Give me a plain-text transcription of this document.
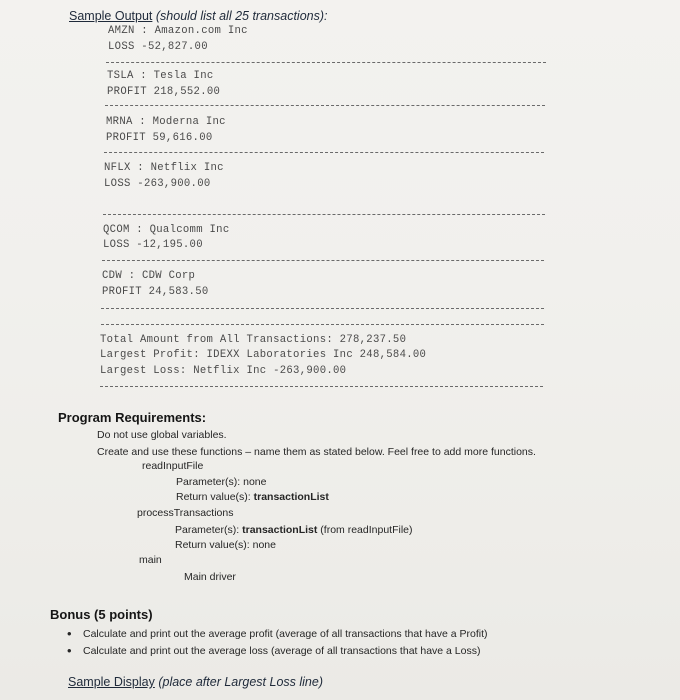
Sample Output (should list all 25 transactions):
AMZN : Amazon.com Inc
LOSS -52,827.00
TSLA : Tesla Inc
PROFIT 218,552.00
MRNA : Moderna Inc
PROFIT 59,616.00
NFLX : Netflix Inc
LOSS -263,900.00
QCOM : Qualcomm Inc
LOSS -12,195.00
CDW : CDW Corp
PROFIT 24,583.50
Total Amount from All Transactions: 278,237.50
Largest Profit: IDEXX Laboratories Inc 248,584.00
Largest Loss: Netflix Inc -263,900.00
Program Requirements:
Do not use global variables.
Create and use these functions – name them as stated below. Feel free to add more functions.
readInputFile
Parameter(s): none
Return value(s): transactionList
processTransactions
Parameter(s): transactionList (from readInputFile)
Return value(s): none
main
Main driver
Bonus (5 points)
• Calculate and print out the average profit (average of all transactions that have a Profit)
• Calculate and print out the average loss (average of all transactions that have a Loss)
Sample Display (place after Largest Loss line)
